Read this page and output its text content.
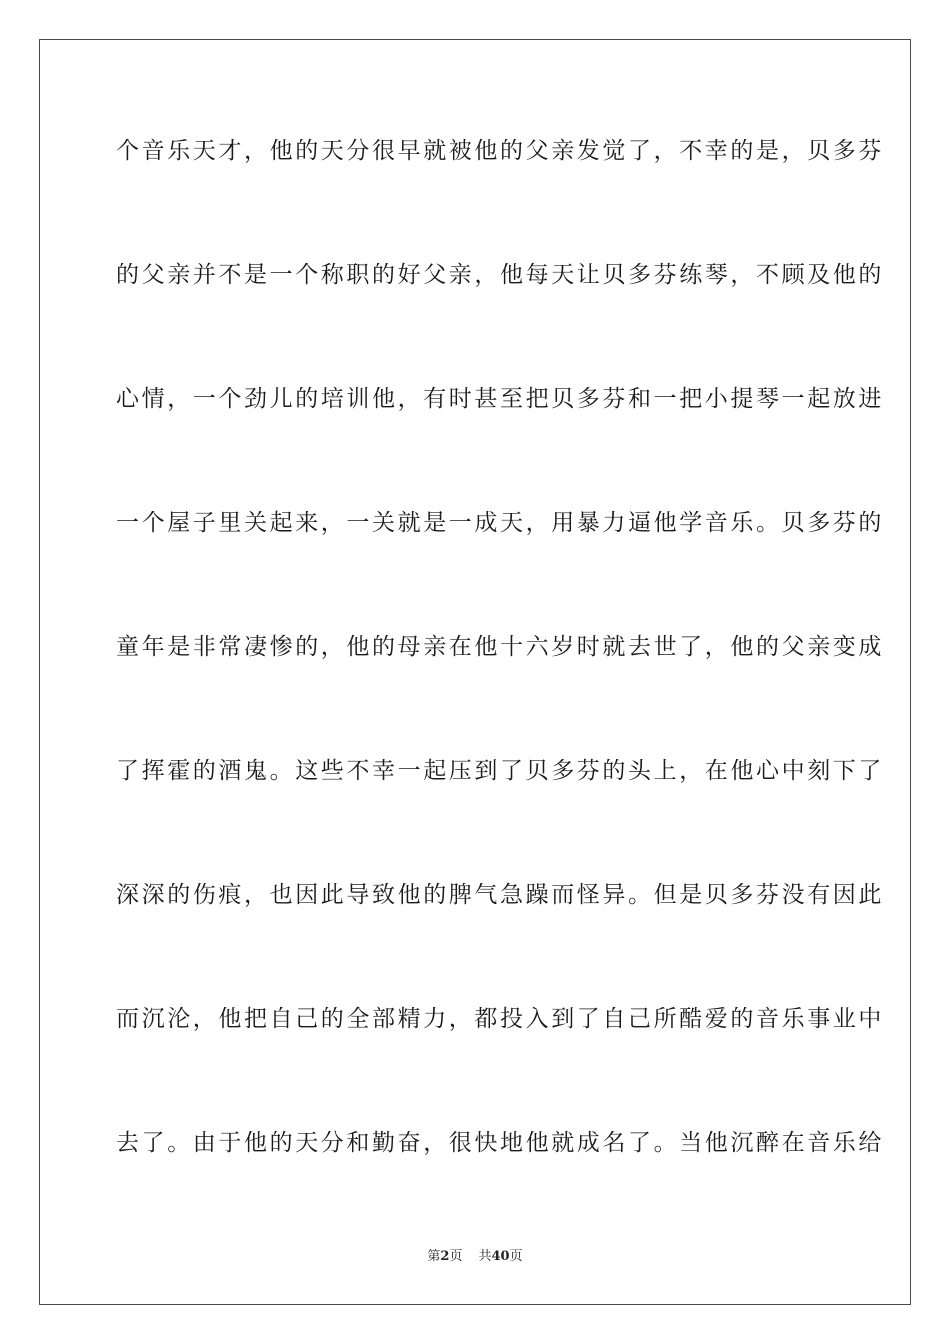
个音乐天才，他的天分很早就被他的父亲发觉了，不幸的是，贝多芬
的父亲并不是一个称职的好父亲，他每天让贝多芬练琴，不顾及他的
心情，一个劲儿的培训他，有时甚至把贝多芬和一把小提琴一起放进
一个屋子里关起来，一关就是一成天，用暴力逼他学音乐。贝多芬的
童年是非常凄惨的，他的母亲在他十六岁时就去世了，他的父亲变成
了挥霍的酒鬼。这些不幸一起压到了贝多芬的头上，在他心中刻下了
深深的伤痕，也因此导致他的脾气急躁而怪异。但是贝多芬没有因此
而沉沦，他把自己的全部精力，都投入到了自己所酷爱的音乐事业中
去了。由于他的天分和勤奋，很快地他就成名了。当他沉醉在音乐给
第2页 共40页
